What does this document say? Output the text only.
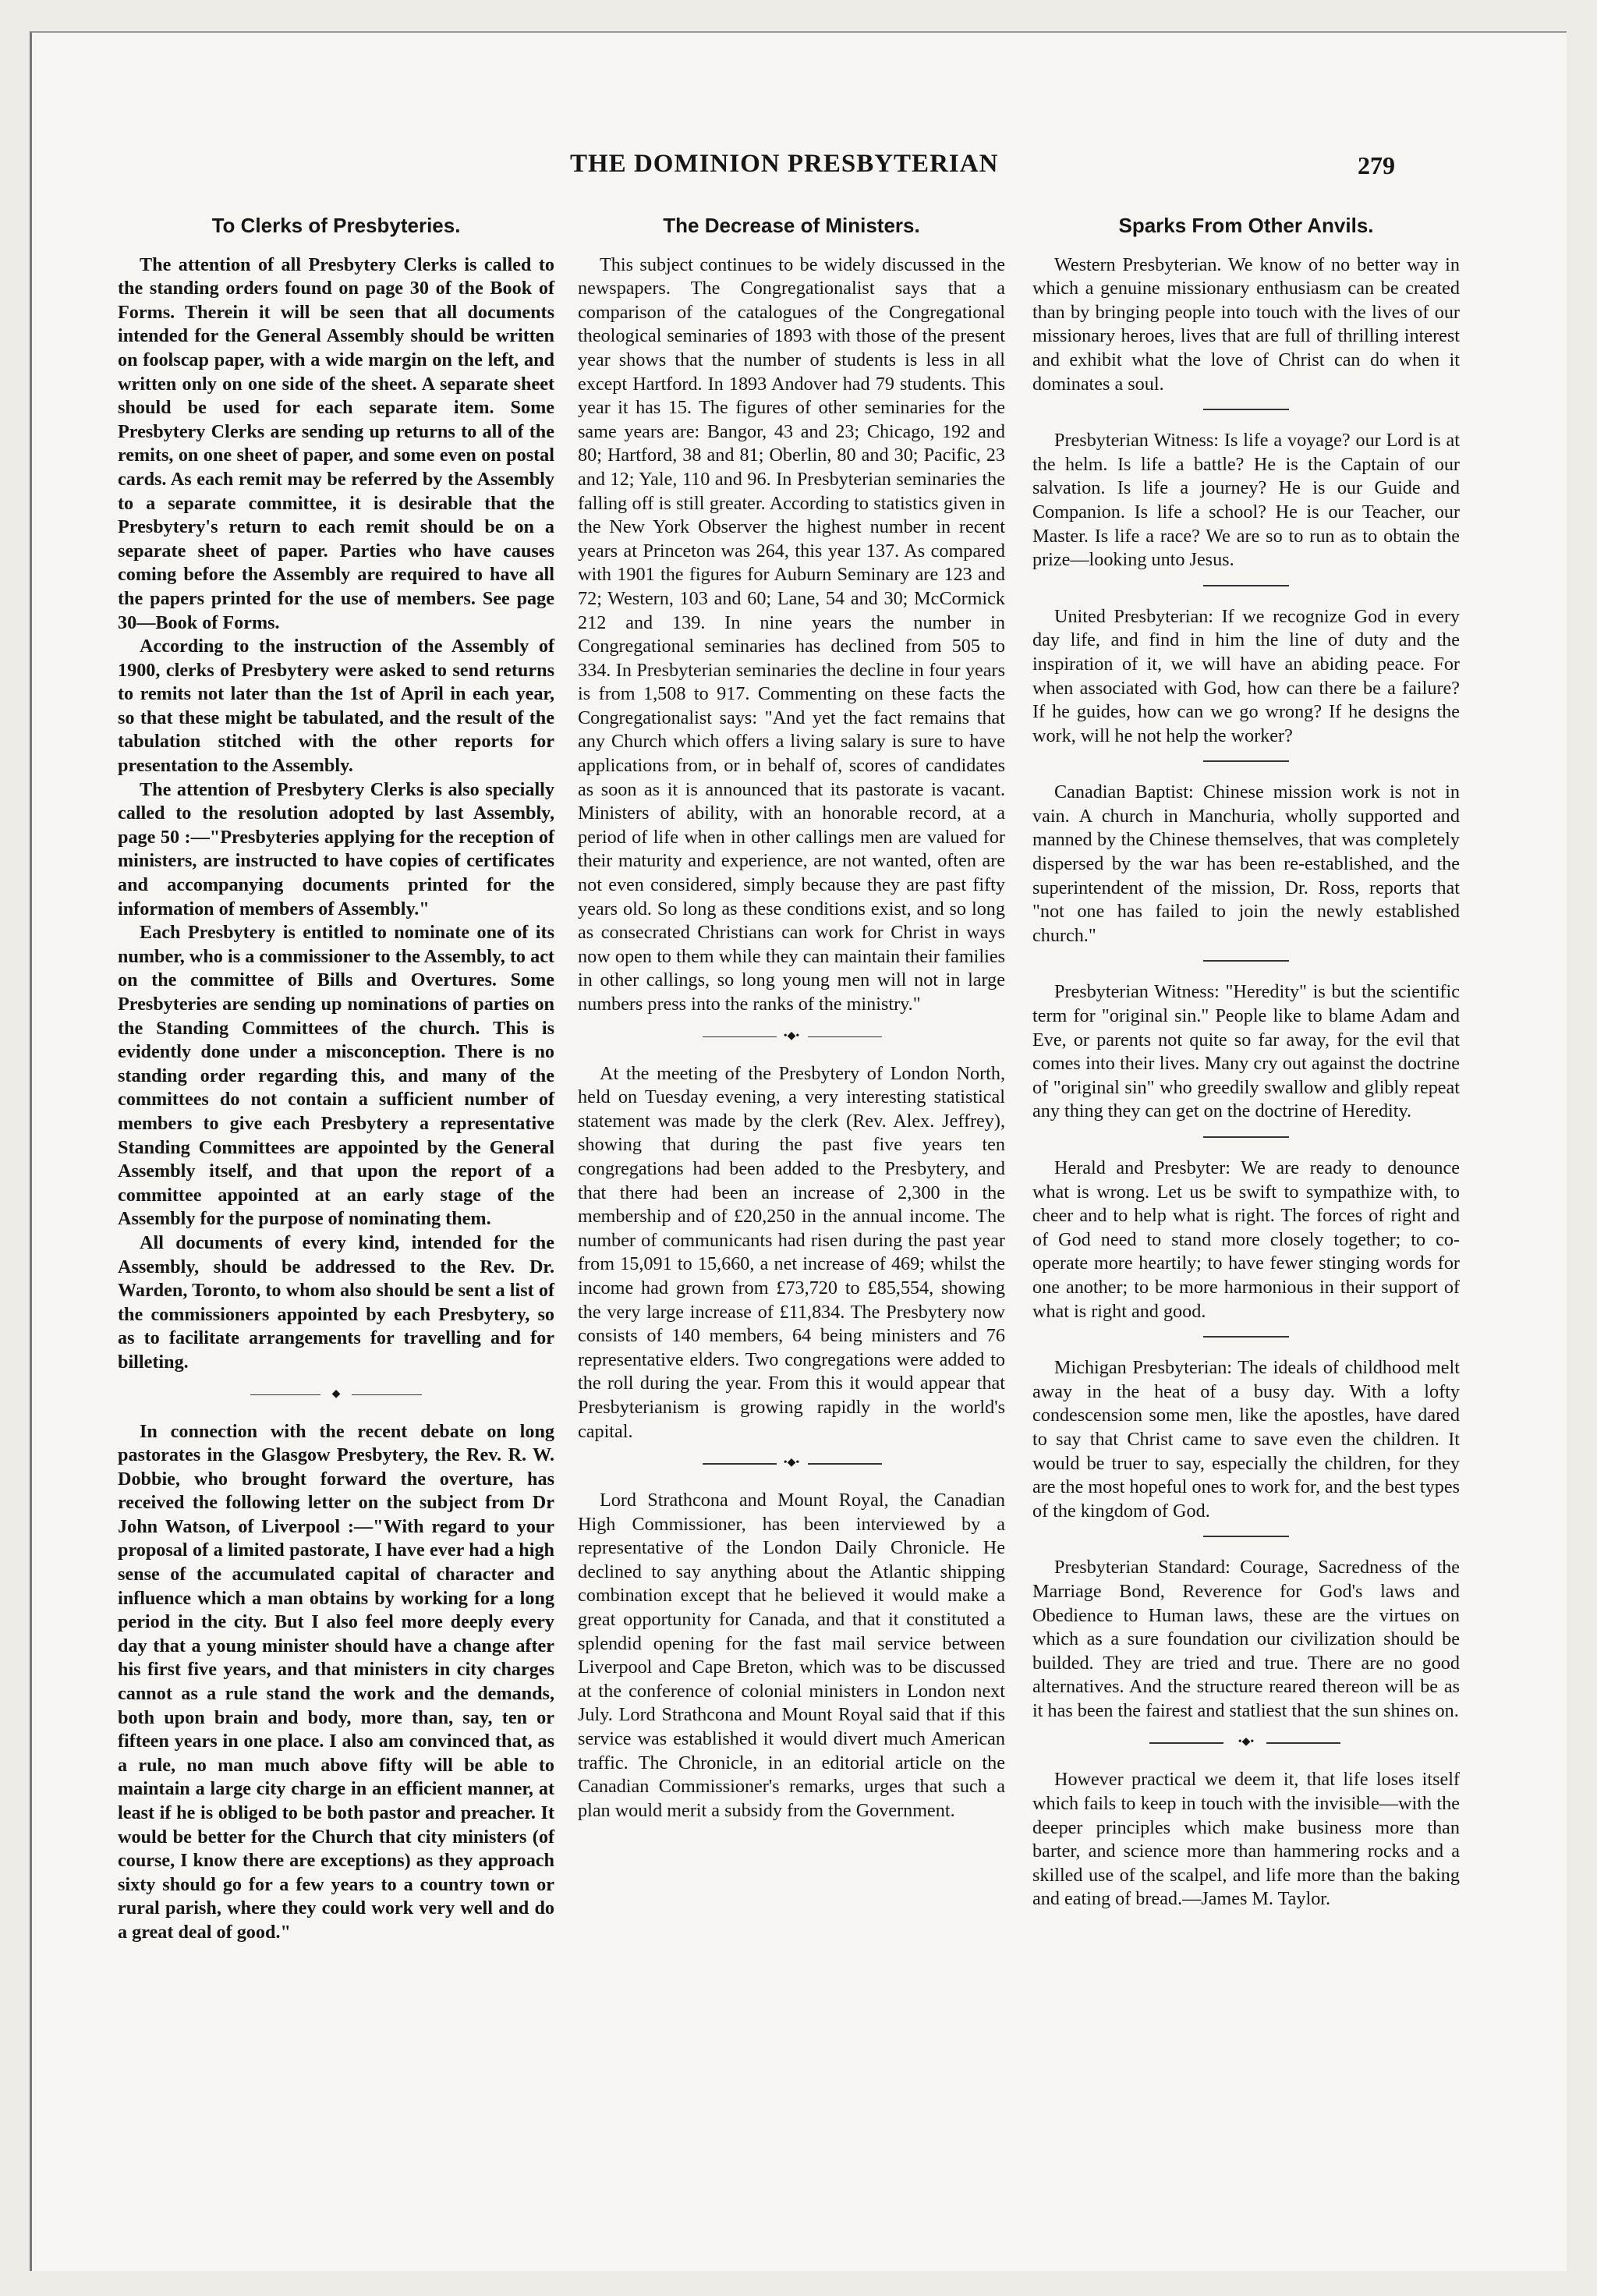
THE DOMINION PRESBYTERIAN	279
To Clerks of Presbyteries.

The attention of all Presbytery Clerks is called to the standing orders found on page 30 of the Book of Forms. Therein it will be seen that all documents intended for the General Assembly should be written on foolscap paper, with a wide margin on the left, and written only on one side of the sheet. A separate sheet should be used for each separate item. Some Presbytery Clerks are sending up returns to all of the remits, on one sheet of paper, and some even on postal cards. As each remit may be referred by the Assembly to a separate committee, it is desirable that the Presbytery's return to each remit should be on a separate sheet of paper. Parties who have causes coming before the Assembly are required to have all the papers printed for the use of members. See page 30—Book of Forms.

According to the instruction of the Assembly of 1900, clerks of Presbytery were asked to send returns to remits not later than the 1st of April in each year, so that these might be tabulated, and the result of the tabulation stitched with the other reports for presentation to the Assembly.

The attention of Presbytery Clerks is also specially called to the resolution adopted by last Assembly, page 50 :—"Presbyteries applying for the reception of ministers, are instructed to have copies of certificates and accompanying documents printed for the information of members of Assembly."

Each Presbytery is entitled to nominate one of its number, who is a commissioner to the Assembly, to act on the committee of Bills and Overtures. Some Presbyteries are sending up nominations of parties on the Standing Committees of the church. This is evidently done under a misconception. There is no standing order regarding this, and many of the committees do not contain a sufficient number of members to give each Presbytery a representative Standing Committees are appointed by the General Assembly itself, and that upon the report of a committee appointed at an early stage of the Assembly for the purpose of nominating them.

All documents of every kind, intended for the Assembly, should be addressed to the Rev. Dr. Warden, Toronto, to whom also should be sent a list of the commissioners appointed by each Presbytery, so as to facilitate arrangements for travelling and for billeting.

◆

In connection with the recent debate on long pastorates in the Glasgow Presbytery, the Rev. R. W. Dobbie, who brought forward the overture, has received the following letter on the subject from Dr John Watson, of Liverpool :—"With regard to your proposal of a limited pastorate, I have ever had a high sense of the accumulated capital of character and influence which a man obtains by working for a long period in the city. But I also feel more deeply every day that a young minister should have a change after his first five years, and that ministers in city charges cannot as a rule stand the work and the demands, both upon brain and body, more than, say, ten or fifteen years in one place. I also am convinced that, as a rule, no man much above fifty will be able to maintain a large city charge in an efficient manner, at least if he is obliged to be both pastor and preacher. It would be better for the Church that city ministers (of course, I know there are exceptions) as they approach sixty should go for a few years to a country town or rural parish, where they could work very well and do a great deal of good."

The Decrease of Ministers.

This subject continues to be widely discussed in the newspapers. The Congregationalist says that a comparison of the catalogues of the Congregational theological seminaries of 1893 with those of the present year shows that the number of students is less in all except Hartford. In 1893 Andover had 79 students. This year it has 15. The figures of other seminaries for the same years are: Bangor, 43 and 23; Chicago, 192 and 80; Hartford, 38 and 81; Oberlin, 80 and 30; Pacific, 23 and 12; Yale, 110 and 96. In Presbyterian seminaries the falling off is still greater. According to statistics given in the New York Observer the highest number in recent years at Princeton was 264, this year 137. As compared with 1901 the figures for Auburn Seminary are 123 and 72; Western, 103 and 60; Lane, 54 and 30; McCormick 212 and 139. In nine years the number in Congregational seminaries has declined from 505 to 334. In Presbyterian seminaries the decline in four years is from 1,508 to 917. Commenting on these facts the Congregationalist says: "And yet the fact remains that any Church which offers a living salary is sure to have applications from, or in behalf of, scores of candidates as soon as it is announced that its pastorate is vacant. Ministers of ability, with an honorable record, at a period of life when in other callings men are valued for their maturity and experience, are not wanted, often are not even considered, simply because they are past fifty years old. So long as these conditions exist, and so long as consecrated Christians can work for Christ in ways now open to them while they can maintain their families in other callings, so long young men will not in large numbers press into the ranks of the ministry."

•◆•

At the meeting of the Presbytery of London North, held on Tuesday evening, a very interesting statistical statement was made by the clerk (Rev. Alex. Jeffrey), showing that during the past five years ten congregations had been added to the Presbytery, and that there had been an increase of 2,300 in the membership and of £20,250 in the annual income. The number of communicants had risen during the past year from 15,091 to 15,660, a net increase of 469; whilst the income had grown from £73,720 to £85,554, showing the very large increase of £11,834. The Presbytery now consists of 140 members, 64 being ministers and 76 representative elders. Two congregations were added to the roll during the year. From this it would appear that Presbyterianism is growing rapidly in the world's capital.

•◆•

Lord Strathcona and Mount Royal, the Canadian High Commissioner, has been interviewed by a representative of the London Daily Chronicle. He declined to say anything about the Atlantic shipping combination except that he believed it would make a great opportunity for Canada, and that it constituted a splendid opening for the fast mail service between Liverpool and Cape Breton, which was to be discussed at the conference of colonial ministers in London next July. Lord Strathcona and Mount Royal said that if this service was established it would divert much American traffic. The Chronicle, in an editorial article on the Canadian Commissioner's remarks, urges that such a plan would merit a subsidy from the Government.

Sparks From Other Anvils.

Western Presbyterian. We know of no better way in which a genuine missionary enthusiasm can be created than by bringing people into touch with the lives of our missionary heroes, lives that are full of thrilling interest and exhibit what the love of Christ can do when it dominates a soul.

Presbyterian Witness: Is life a voyage? our Lord is at the helm. Is life a battle? He is the Captain of our salvation. Is life a journey? He is our Guide and Companion. Is life a school? He is our Teacher, our Master. Is life a race? We are so to run as to obtain the prize—looking unto Jesus.

United Presbyterian: If we recognize God in every day life, and find in him the line of duty and the inspiration of it, we will have an abiding peace. For when associated with God, how can there be a failure? If he guides, how can we go wrong? If he designs the work, will he not help the worker?

Canadian Baptist: Chinese mission work is not in vain. A church in Manchuria, wholly supported and manned by the Chinese themselves, that was completely dispersed by the war has been re-established, and the superintendent of the mission, Dr. Ross, reports that "not one has failed to join the newly established church."

Presbyterian Witness: "Heredity" is but the scientific term for "original sin." People like to blame Adam and Eve, or parents not quite so far away, for the evil that comes into their lives. Many cry out against the doctrine of "original sin" who greedily swallow and glibly repeat any thing they can get on the doctrine of Heredity.

Herald and Presbyter: We are ready to denounce what is wrong. Let us be swift to sympathize with, to cheer and to help what is right. The forces of right and of God need to stand more closely together; to co-operate more heartily; to have fewer stinging words for one another; to be more harmonious in their support of what is right and good.

Michigan Presbyterian: The ideals of childhood melt away in the heat of a busy day. With a lofty condescension some men, like the apostles, have dared to say that Christ came to save even the children. It would be truer to say, especially the children, for they are the most hopeful ones to work for, and the best types of the kingdom of God.

Presbyterian Standard: Courage, Sacredness of the Marriage Bond, Reverence for God's laws and Obedience to Human laws, these are the virtues on which as a sure foundation our civilization should be builded. They are tried and true. There are no good alternatives. And the structure reared thereon will be as it has been the fairest and statliest that the sun shines on.

•◆•

However practical we deem it, that life loses itself which fails to keep in touch with the invisible—with the deeper principles which make business more than barter, and science more than hammering rocks and a skilled use of the scalpel, and life more than the baking and eating of bread.—James M. Taylor.
